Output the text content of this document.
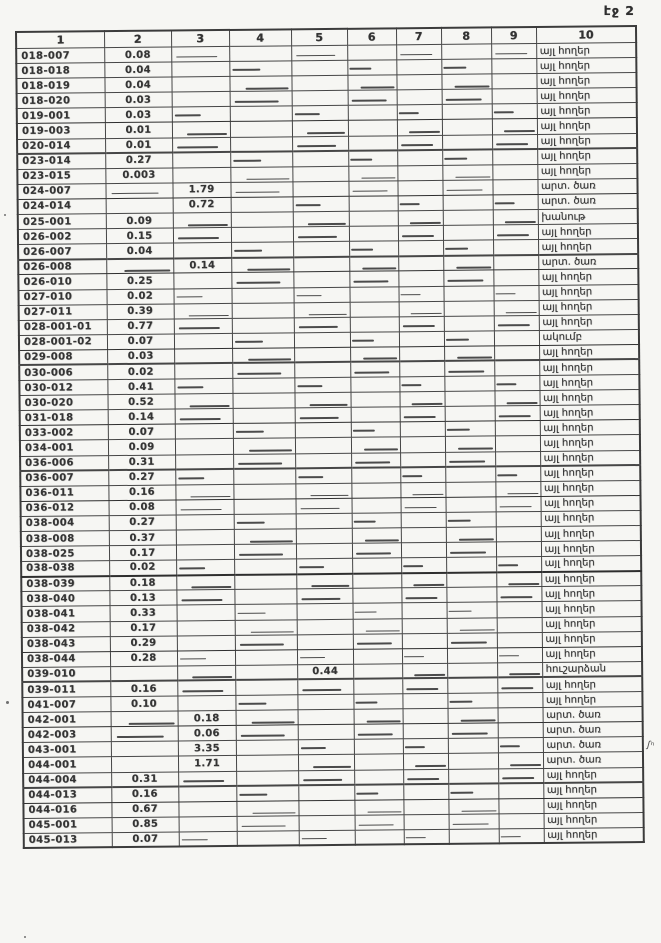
էջ 2
1	2	3	4	5	6	7	8	9	10
018-007	0.08								այլ հողեր
018-018	0.04								այլ հողեր
018-019	0.04								այլ հողեր
018-020	0.03								այլ հողեր
019-001	0.03								այլ հողեր
019-003	0.01								այլ հողեր
020-014	0.01								այլ հողեր
023-014	0.27								այլ հողեր
023-015	0.003								այլ հողեր
024-007		1.79							արտ. ծառ
024-014		0.72							արտ. ծառ
025-001	0.09								խանութ
026-002	0.15								այլ հողեր
026-007	0.04								այլ հողեր
026-008		0.14							արտ. ծառ
026-010	0.25								այլ հողեր
027-010	0.02								այլ հողեր
027-011	0.39								այլ հողեր
028-001-01	0.77								այլ հողեր
028-001-02	0.07								ակումբ
029-008	0.03								այլ հողեր
030-006	0.02								այլ հողեր
030-012	0.41								այլ հողեր
030-020	0.52								այլ հողեր
031-018	0.14								այլ հողեր
033-002	0.07								այլ հողեր
034-001	0.09								այլ հողեր
036-006	0.31								այլ հողեր
036-007	0.27								այլ հողեր
036-011	0.16								այլ հողեր
036-012	0.08								այլ հողեր
038-004	0.27								այլ հողեր
038-008	0.37								այլ հողեր
038-025	0.17								այլ հողեր
038-038	0.02								այլ հողեր
038-039	0.18								այլ հողեր
038-040	0.13								այլ հողեր
038-041	0.33								այլ հողեր
038-042	0.17								այլ հողեր
038-043	0.29								այլ հողեր
038-044	0.28								այլ հողեր
039-010				0.44					հուշարձան
039-011	0.16								այլ հողեր
041-007	0.10								այլ հողեր
042-001		0.18							արտ. ծառ
042-003		0.06							արտ. ծառ
043-001		3.35							արտ. ծառ
044-001		1.71							արտ. ծառ
044-004	0.31								այլ հողեր
044-013	0.16								այլ հողեր
044-016	0.67								այլ հողեր
045-001	0.85								այլ հողեր
045-013	0.07								այլ հողեր
ʃⁿ
